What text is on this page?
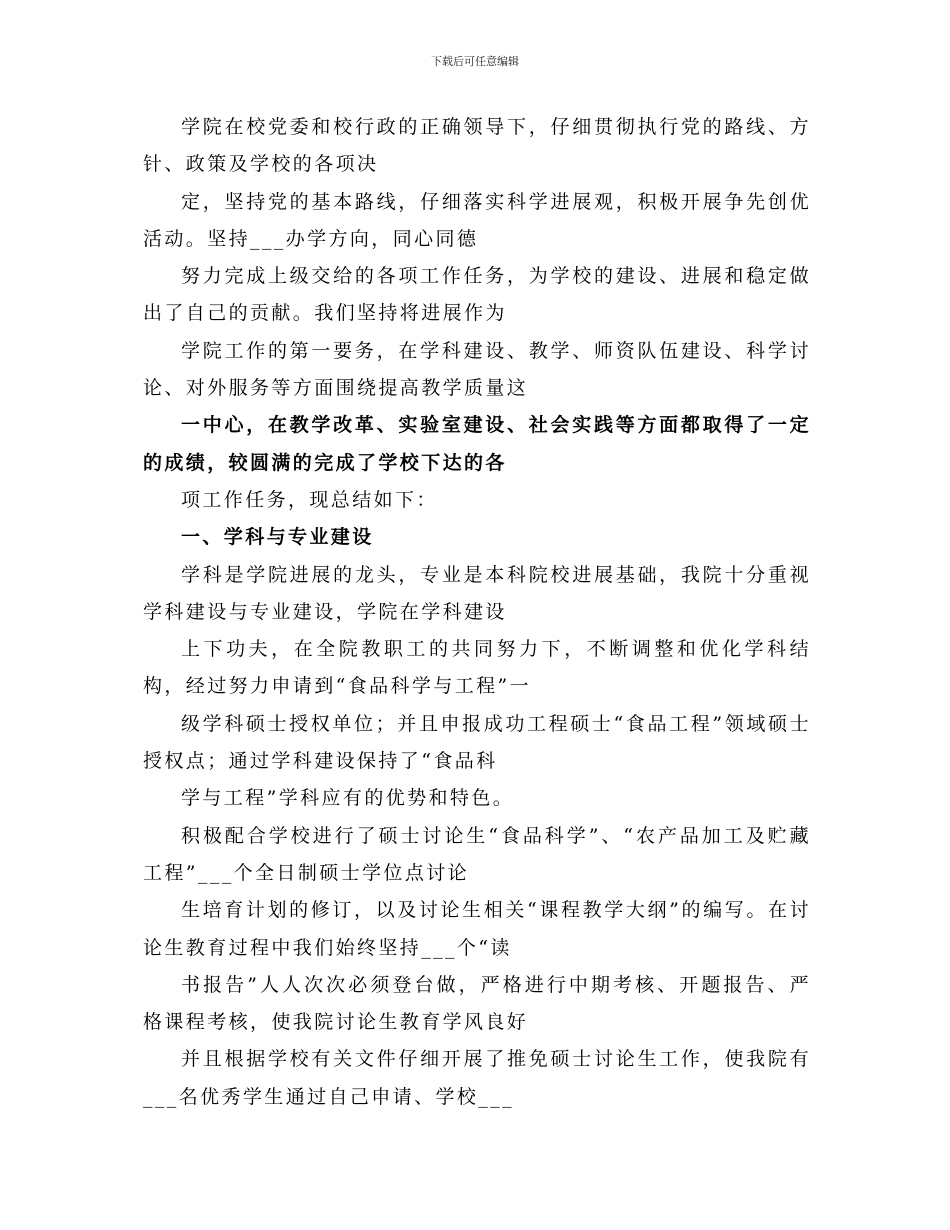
下载后可任意编辑

学院在校党委和校行政的正确领导下，仔细贯彻执行党的路线、方针、政策及学校的各项决

定，坚持党的基本路线，仔细落实科学进展观，积极开展争先创优活动。坚持___办学方向，同心同德

努力完成上级交给的各项工作任务，为学校的建设、进展和稳定做出了自己的贡献。我们坚持将进展作为

学院工作的第一要务，在学科建设、教学、师资队伍建设、科学讨论、对外服务等方面围绕提高教学质量这

一中心，在教学改革、实验室建设、社会实践等方面都取得了一定的成绩，较圆满的完成了学校下达的各

项工作任务，现总结如下：

一、学科与专业建设

学科是学院进展的龙头，专业是本科院校进展基础，我院十分重视学科建设与专业建设，学院在学科建设

上下功夫，在全院教职工的共同努力下，不断调整和优化学科结构，经过努力申请到“食品科学与工程”一

级学科硕士授权单位；并且申报成功工程硕士“食品工程”领域硕士授权点；通过学科建设保持了“食品科

学与工程”学科应有的优势和特色。

积极配合学校进行了硕士讨论生“食品科学”、“农产品加工及贮藏工程”___个全日制硕士学位点讨论

生培育计划的修订，以及讨论生相关“课程教学大纲”的编写。在讨论生教育过程中我们始终坚持___个“读

书报告”人人次次必须登台做，严格进行中期考核、开题报告、严格课程考核，使我院讨论生教育学风良好

并且根据学校有关文件仔细开展了推免硕士讨论生工作，使我院有___名优秀学生通过自己申请、学校___
